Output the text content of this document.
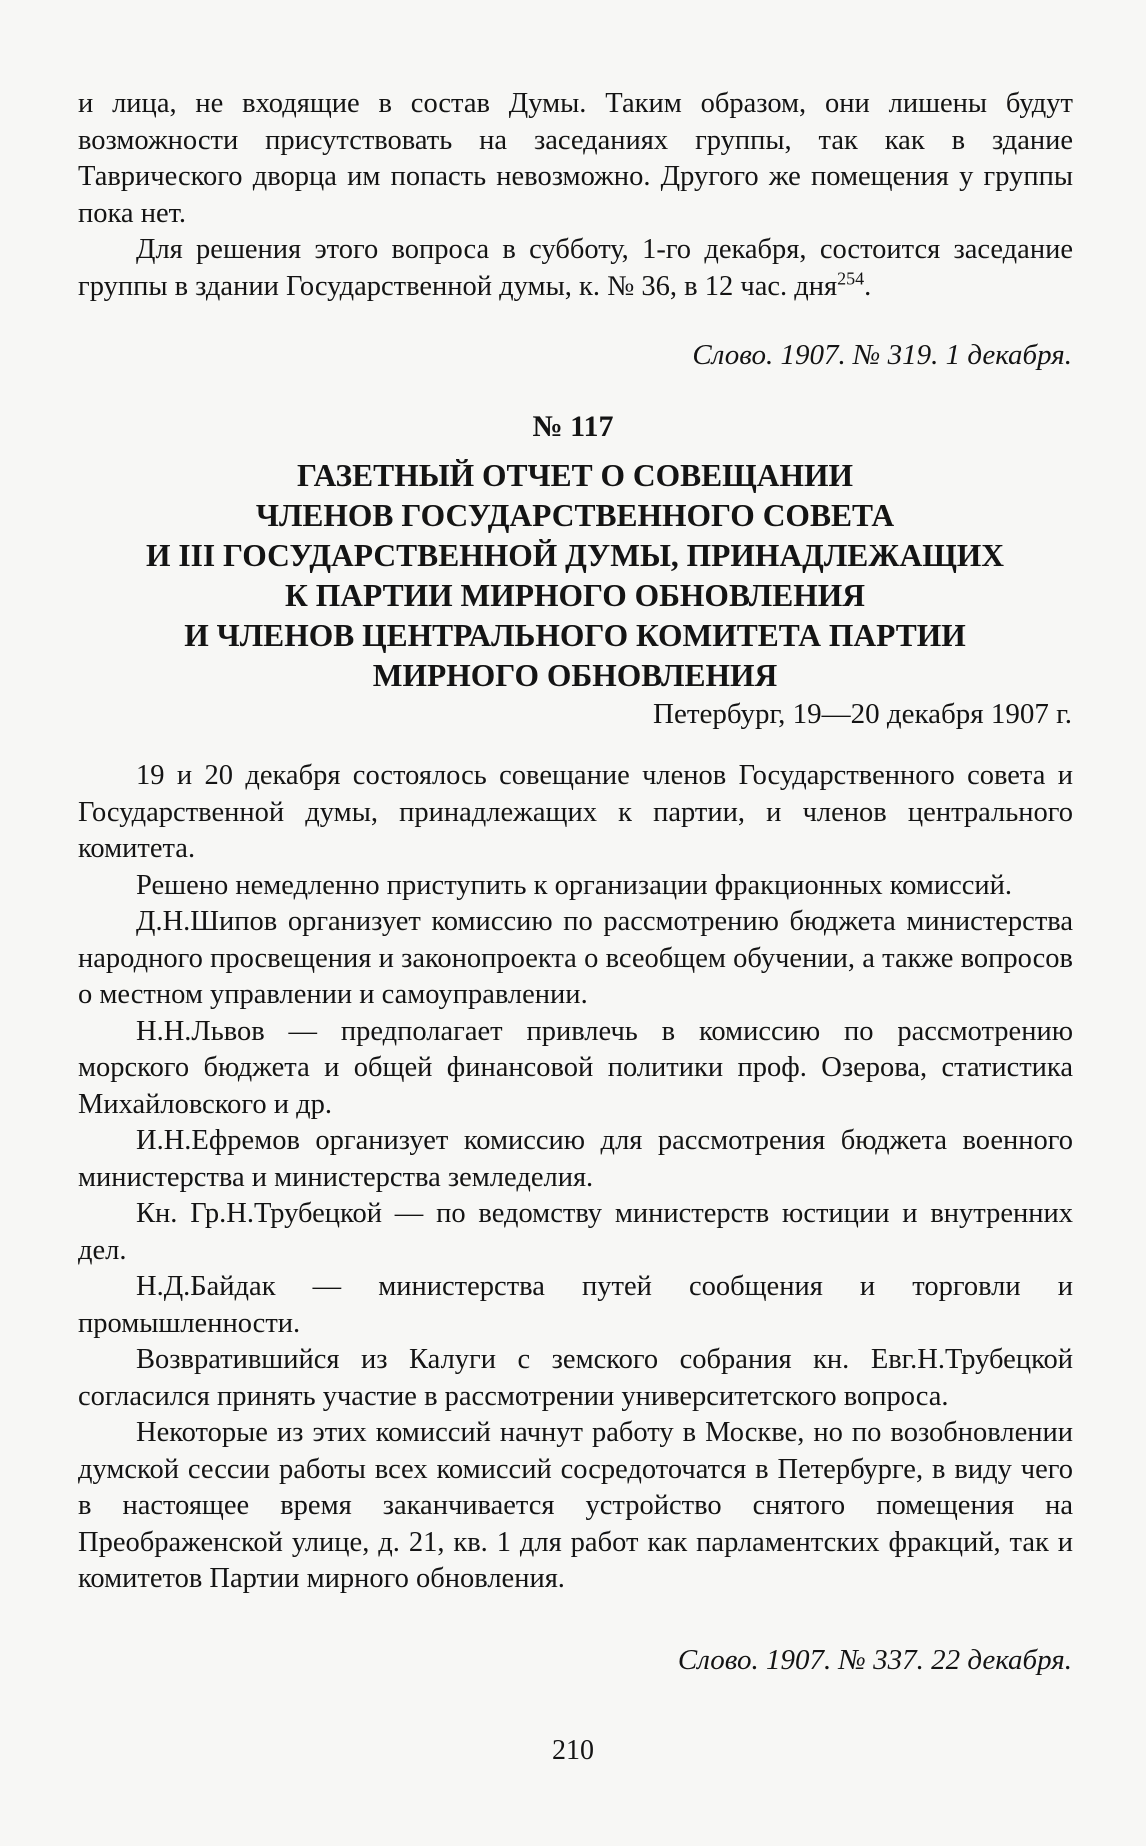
и лица, не входящие в состав Думы. Таким образом, они лишены будут возможности присутствовать на заседаниях группы, так как в здание Таврического дворца им попасть невозможно. Другого же помещения у группы пока нет.

Для решения этого вопроса в субботу, 1-го декабря, состоится заседание группы в здании Государственной думы, к. № 36, в 12 час. дня$^{254}$.

Слово. 1907. № 319. 1 декабря.
№ 117
ГАЗЕТНЫЙ ОТЧЕТ О СОВЕЩАНИИ
ЧЛЕНОВ ГОСУДАРСТВЕННОГО СОВЕТА
И III ГОСУДАРСТВЕННОЙ ДУМЫ, ПРИНАДЛЕЖАЩИХ
К ПАРТИИ МИРНОГО ОБНОВЛЕНИЯ
И ЧЛЕНОВ ЦЕНТРАЛЬНОГО КОМИТЕТА ПАРТИИ
МИРНОГО ОБНОВЛЕНИЯ
Петербург, 19—20 декабря 1907 г.

19 и 20 декабря состоялось совещание членов Государственного совета и Государственной думы, принадлежащих к партии, и членов центрального комитета.

Решено немедленно приступить к организации фракционных комиссий.

Д.Н.Шипов организует комиссию по рассмотрению бюджета министерства народного просвещения и законопроекта о всеобщем обучении, а также вопросов о местном управлении и самоуправлении.

Н.Н.Львов — предполагает привлечь в комиссию по рассмотрению морского бюджета и общей финансовой политики проф. Озерова, статистика Михайловского и др.

И.Н.Ефремов организует комиссию для рассмотрения бюджета военного министерства и министерства земледелия.

Кн. Гр.Н.Трубецкой — по ведомству министерств юстиции и внутренних дел.

Н.Д.Байдак — министерства путей сообщения и торговли и промышленности.

Возвратившийся из Калуги с земского собрания кн. Евг.Н.Трубецкой согласился принять участие в рассмотрении университетского вопроса.

Некоторые из этих комиссий начнут работу в Москве, но по возобновлении думской сессии работы всех комиссий сосредоточатся в Петербурге, в виду чего в настоящее время заканчивается устройство снятого помещения на Преображенской улице, д. 21, кв. 1 для работ как парламентских фракций, так и комитетов Партии мирного обновления.

Слово. 1907. № 337. 22 декабря.
210
